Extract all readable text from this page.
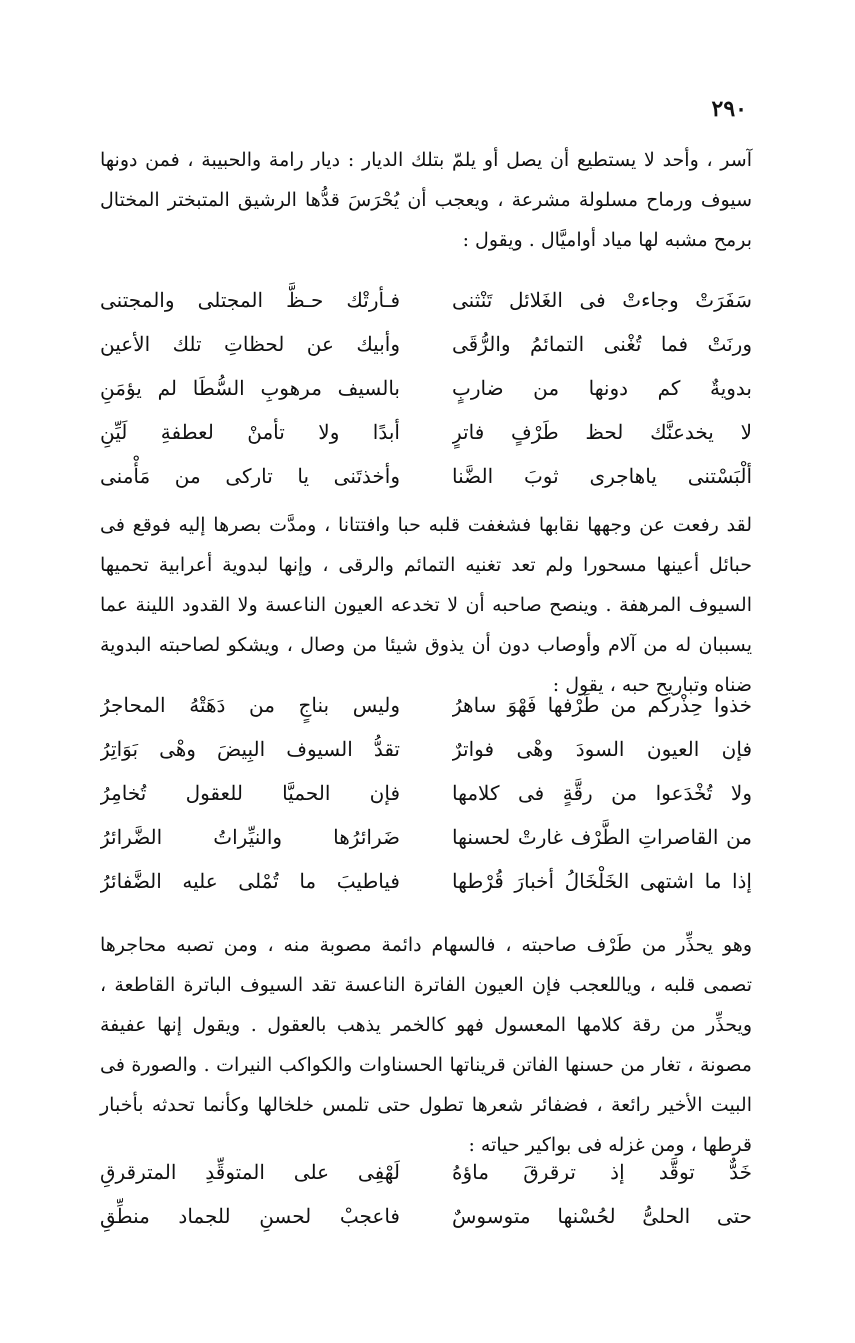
٢٩٠

آسر ، وأحد لا يستطيع أن يصل أو يلمّ بتلك الديار : ديار رامة والحبيبة ، فمن دونها سيوف ورماح مسلولة مشرعة ، ويعجب أن يُحْرَسَ قدُّها الرشيق المتبختر المختال برمح مشبه لها مياد أواميَّال . ويقول :

سَفَرَتْ وجاءتْ فى الغَلائل تَنْثنى
فـأرتْك حـظَّ المجتلى والمجتنى
ورنَتْ فما تُغْنى التمائمُ والرُّقَى
وأبيك عن لحظاتِ تلك الأعين
بدويةٌ كم دونها من ضاربٍ
بالسيف مرهوبِ السُّطَا لم يؤمَنِ
لا يخدعنَّك لحظ طَرْفٍ فاترٍ
أبدًا ولا تأمنْ لعطفةِ لَيِّنِ
ألْبَسْتنى ياهاجرى ثوبَ الضَّنا
وأخذتَنى يا تاركى من مَأْمنى

لقد رفعت عن وجهها نقابها فشغفت قلبه حبا وافتتانا ، ومدَّت بصرها إليه فوقع فى حبائل أعينها مسحورا ولم تعد تغنيه التمائم والرقى ، وإنها لبدوية أعرابية تحميها السيوف المرهفة . وينصح صاحبه أن لا تخدعه العيون الناعسة ولا القدود اللينة عما يسببان له من آلام وأوصاب دون أن يذوق شيئا من وصال ، ويشكو لصاحبته البدوية ضناه وتباريح حبه ، يقول :

خذوا حِذْركم من طَرْفها فَهْوَ ساهرُ
وليس بناجٍ من دَهَتْهُ المحاجرُ
فإن العيون السودَ وهْى فواترٌ
تقدُّ السيوف البِيضَ وهْى بَوَاتِرُ
ولا تُخْدَعوا من رقَّةٍ فى كلامها
فإن الحميَّا للعقول تُخامِرُ
من القاصراتِ الطَّرْف غارتْ لحسنها
ضَرائرُها والنيِّراتُ الضَّرائرُ
إذا ما اشتهى الخَلْخَالُ أخبارَ قُرْطها
فياطيبَ ما تُمْلى عليه الضَّفائرُ

وهو يحذِّر من طَرْف صاحبته ، فالسهام دائمة مصوبة منه ، ومن تصبه محاجرها تصمى قلبه ، وياللعجب فإن العيون الفاترة الناعسة تقد السيوف الباترة القاطعة ، ويحذِّر من رقة كلامها المعسول فهو كالخمر يذهب بالعقول . ويقول إنها عفيفة مصونة ، تغار من حسنها الفاتن قريناتها الحسناوات والكواكب النيرات . والصورة فى البيت الأخير رائعة ، فضفائر شعرها تطول حتى تلمس خلخالها وكأنما تحدثه بأخبار قرطها ، ومن غزله فى بواكير حياته :

خَدٌّ توقَّد إذ ترقرقَ ماؤهُ
لَهْفِى على المتوقِّدِ المترقرقِ
حتى الحلىُّ لحُسْنها متوسوسٌ
فاعجبْ لحسنِ للجماد منطِّقِ
